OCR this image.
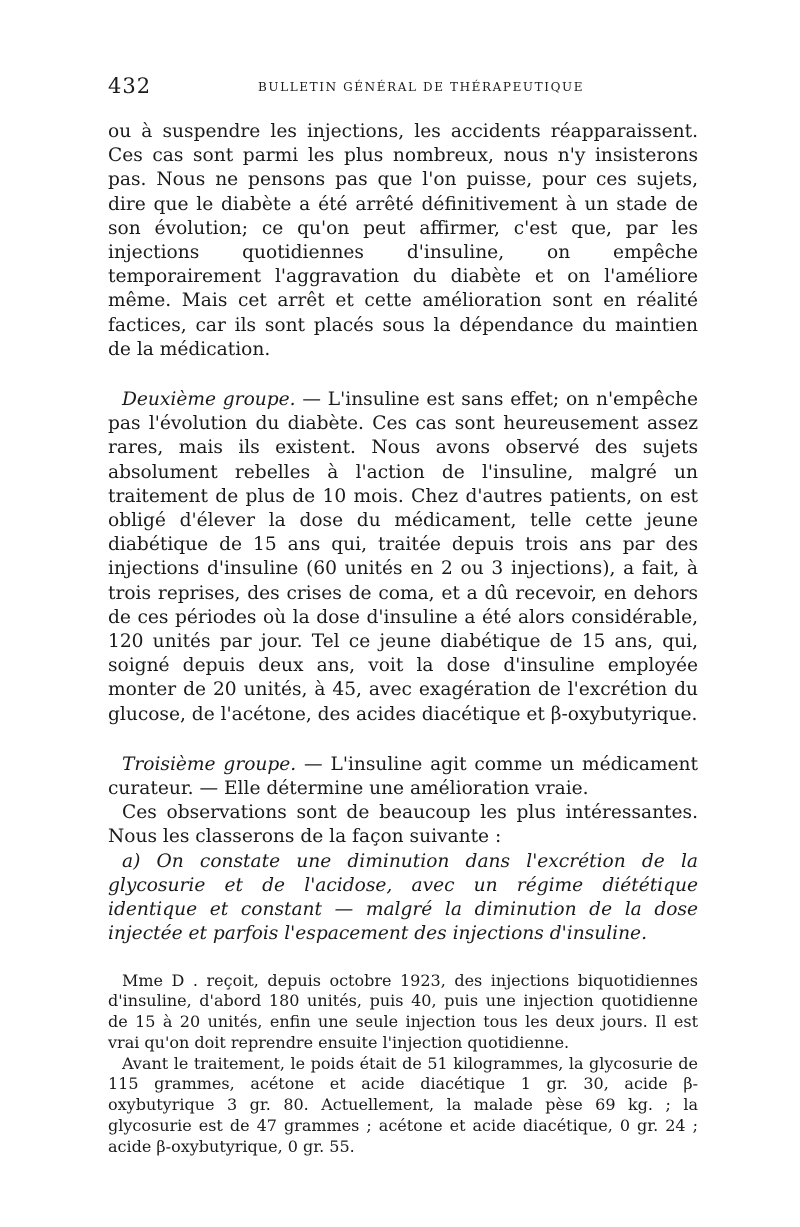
432	BULLETIN GÉNÉRAL DE THÉRAPEUTIQUE

ou à suspendre les injections, les accidents réapparaissent. Ces cas sont parmi les plus nombreux, nous n'y insisterons pas. Nous ne pensons pas que l'on puisse, pour ces sujets, dire que le diabète a été arrêté définitivement à un stade de son évolution; ce qu'on peut affirmer, c'est que, par les injections quotidiennes d'insuline, on empêche temporairement l'aggravation du diabète et on l'améliore même. Mais cet arrêt et cette amélioration sont en réalité factices, car ils sont placés sous la dépendance du maintien de la médication.

Deuxième groupe. — L'insuline est sans effet; on n'empêche pas l'évolution du diabète. Ces cas sont heureusement assez rares, mais ils existent. Nous avons observé des sujets absolument rebelles à l'action de l'insuline, malgré un traitement de plus de 10 mois. Chez d'autres patients, on est obligé d'élever la dose du médicament, telle cette jeune diabétique de 15 ans qui, traitée depuis trois ans par des injections d'insuline (60 unités en 2 ou 3 injections), a fait, à trois reprises, des crises de coma, et a dû recevoir, en dehors de ces périodes où la dose d'insuline a été alors considérable, 120 unités par jour. Tel ce jeune diabétique de 15 ans, qui, soigné depuis deux ans, voit la dose d'insuline employée monter de 20 unités, à 45, avec exagération de l'excrétion du glucose, de l'acétone, des acides diacétique et β-oxybutyrique.

Troisième groupe. — L'insuline agit comme un médicament curateur. — Elle détermine une amélioration vraie.

Ces observations sont de beaucoup les plus intéressantes. Nous les classerons de la façon suivante :

a) On constate une diminution dans l'excrétion de la glycosurie et de l'acidose, avec un régime diététique identique et constant — malgré la diminution de la dose injectée et parfois l'espacement des injections d'insuline.

Mme D . reçoit, depuis octobre 1923, des injections biquotidiennes d'insuline, d'abord 180 unités, puis 40, puis une injection quotidienne de 15 à 20 unités, enfin une seule injection tous les deux jours. Il est vrai qu'on doit reprendre ensuite l'injection quotidienne.

Avant le traitement, le poids était de 51 kilogrammes, la glycosurie de 115 grammes, acétone et acide diacétique 1 gr. 30, acide β-oxybutyrique 3 gr. 80. Actuellement, la malade pèse 69 kg. ; la glycosurie est de 47 grammes ; acétone et acide diacétique, 0 gr. 24 ; acide β-oxybutyrique, 0 gr. 55.
